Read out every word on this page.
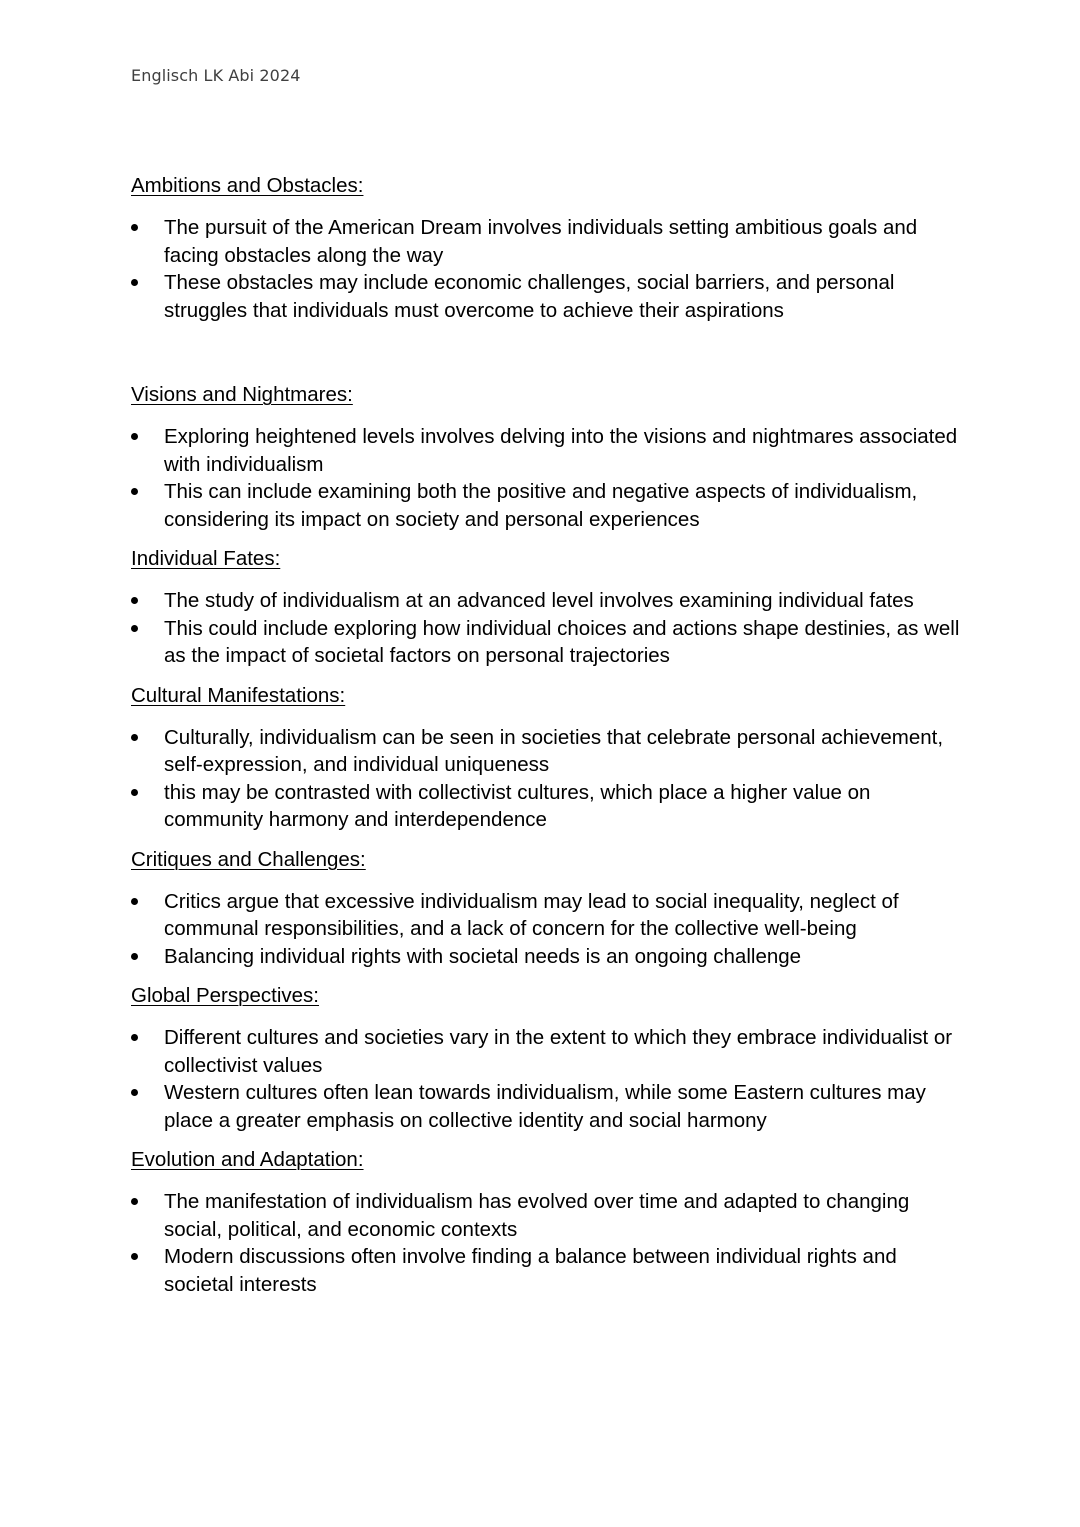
Englisch LK Abi 2024
Ambitions and Obstacles:
The pursuit of the American Dream involves individuals setting ambitious goals and facing obstacles along the way
These obstacles may include economic challenges, social barriers, and personal struggles that individuals must overcome to achieve their aspirations
Visions and Nightmares:
Exploring heightened levels involves delving into the visions and nightmares associated with individualism
This can include examining both the positive and negative aspects of individualism, considering its impact on society and personal experiences
Individual Fates:
The study of individualism at an advanced level involves examining individual fates
This could include exploring how individual choices and actions shape destinies, as well as the impact of societal factors on personal trajectories
Cultural Manifestations:
Culturally, individualism can be seen in societies that celebrate personal achievement, self-expression, and individual uniqueness
this may be contrasted with collectivist cultures, which place a higher value on community harmony and interdependence
Critiques and Challenges:
Critics argue that excessive individualism may lead to social inequality, neglect of communal responsibilities, and a lack of concern for the collective well-being
Balancing individual rights with societal needs is an ongoing challenge
Global Perspectives:
Different cultures and societies vary in the extent to which they embrace individualist or collectivist values
Western cultures often lean towards individualism, while some Eastern cultures may place a greater emphasis on collective identity and social harmony
Evolution and Adaptation:
The manifestation of individualism has evolved over time and adapted to changing social, political, and economic contexts
Modern discussions often involve finding a balance between individual rights and societal interests
